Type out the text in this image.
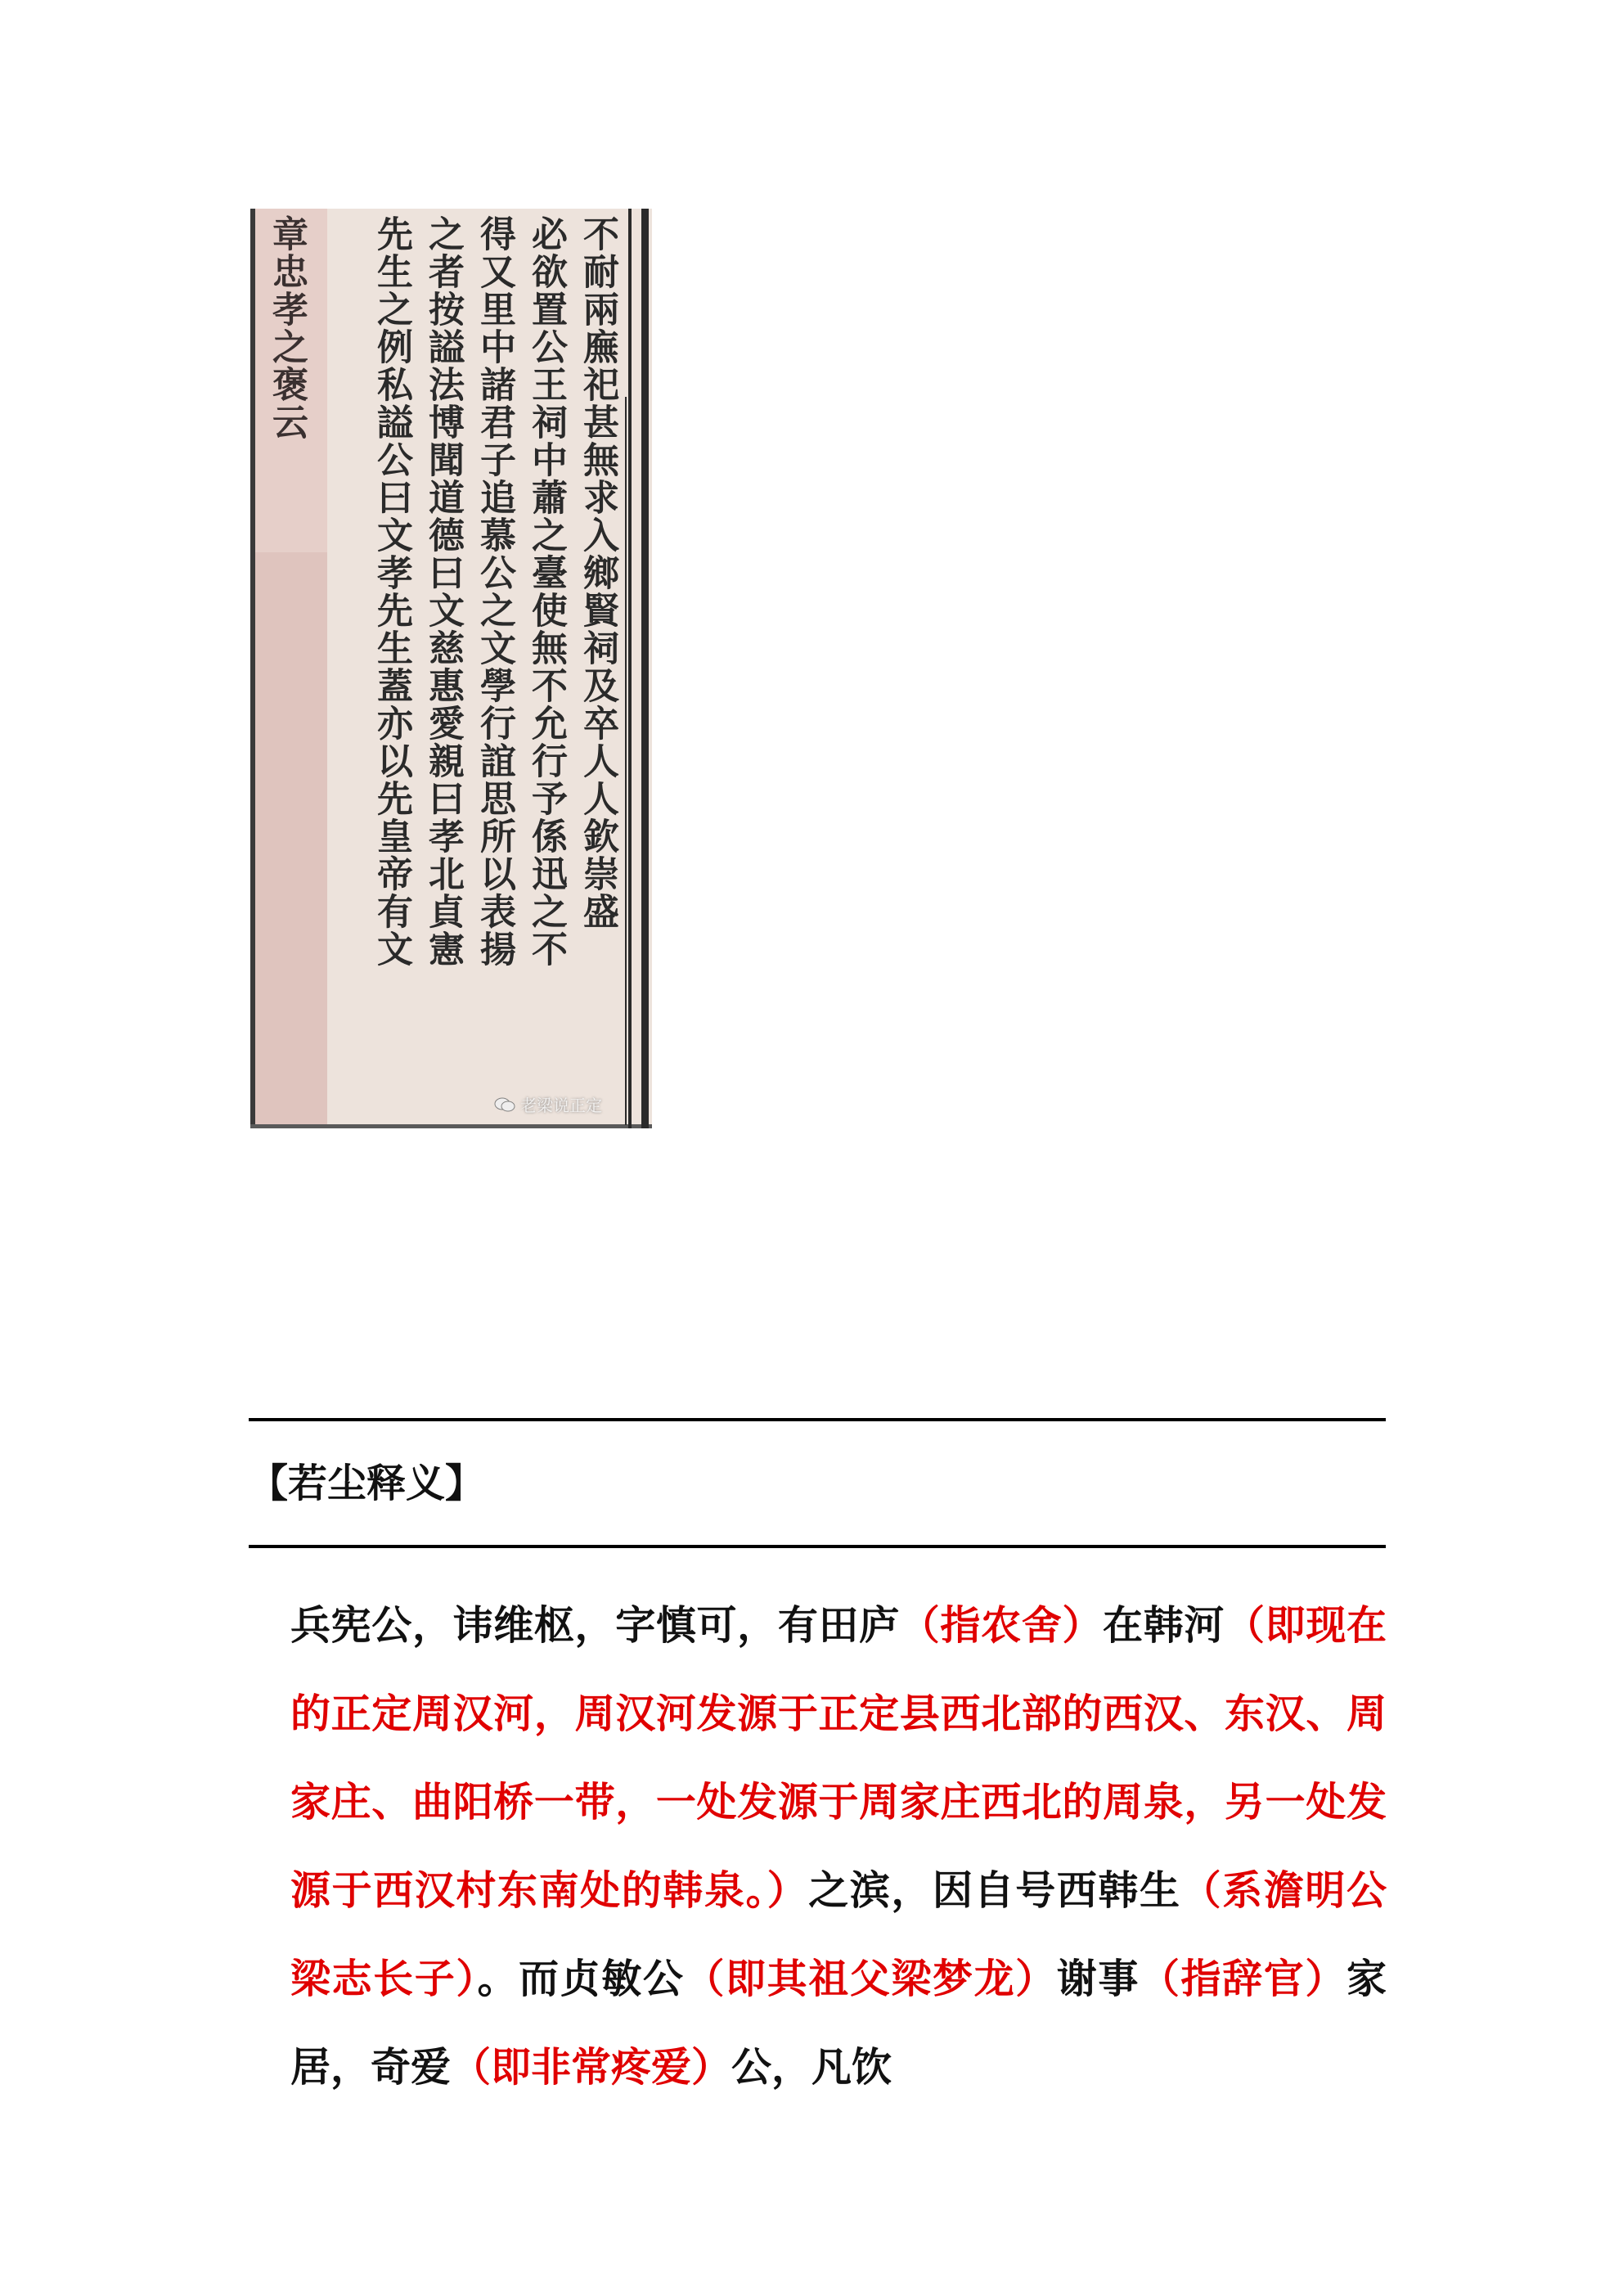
不耐兩廡祀甚無求入鄉賢祠及卒人人欽崇盛
必欲置公王祠中蕭之臺使無不允行予係迅之不
得又里中諸君子追慕公之文學行誼思所以表揚
之者按謚法博聞道德曰文慈惠愛親曰孝北貞憲
先生之例私謚公曰文孝先生蓋亦以先皇帝有文
章忠孝之褒云
老梁说正定
【若尘释义】
兵宪公，讳维枢，字慎可，有田庐（指农舍）在韩河（即现在的正定周汉河，周汉河发源于正定县西北部的西汉、东汉、周家庄、曲阳桥一带，一处发源于周家庄西北的周泉，另一处发源于西汉村东南处的韩泉。）之滨，因自号西韩生（系澹明公梁志长子）。而贞敏公（即其祖父梁梦龙）谢事（指辞官）家居，奇爱（即非常疼爱）公，凡饮
